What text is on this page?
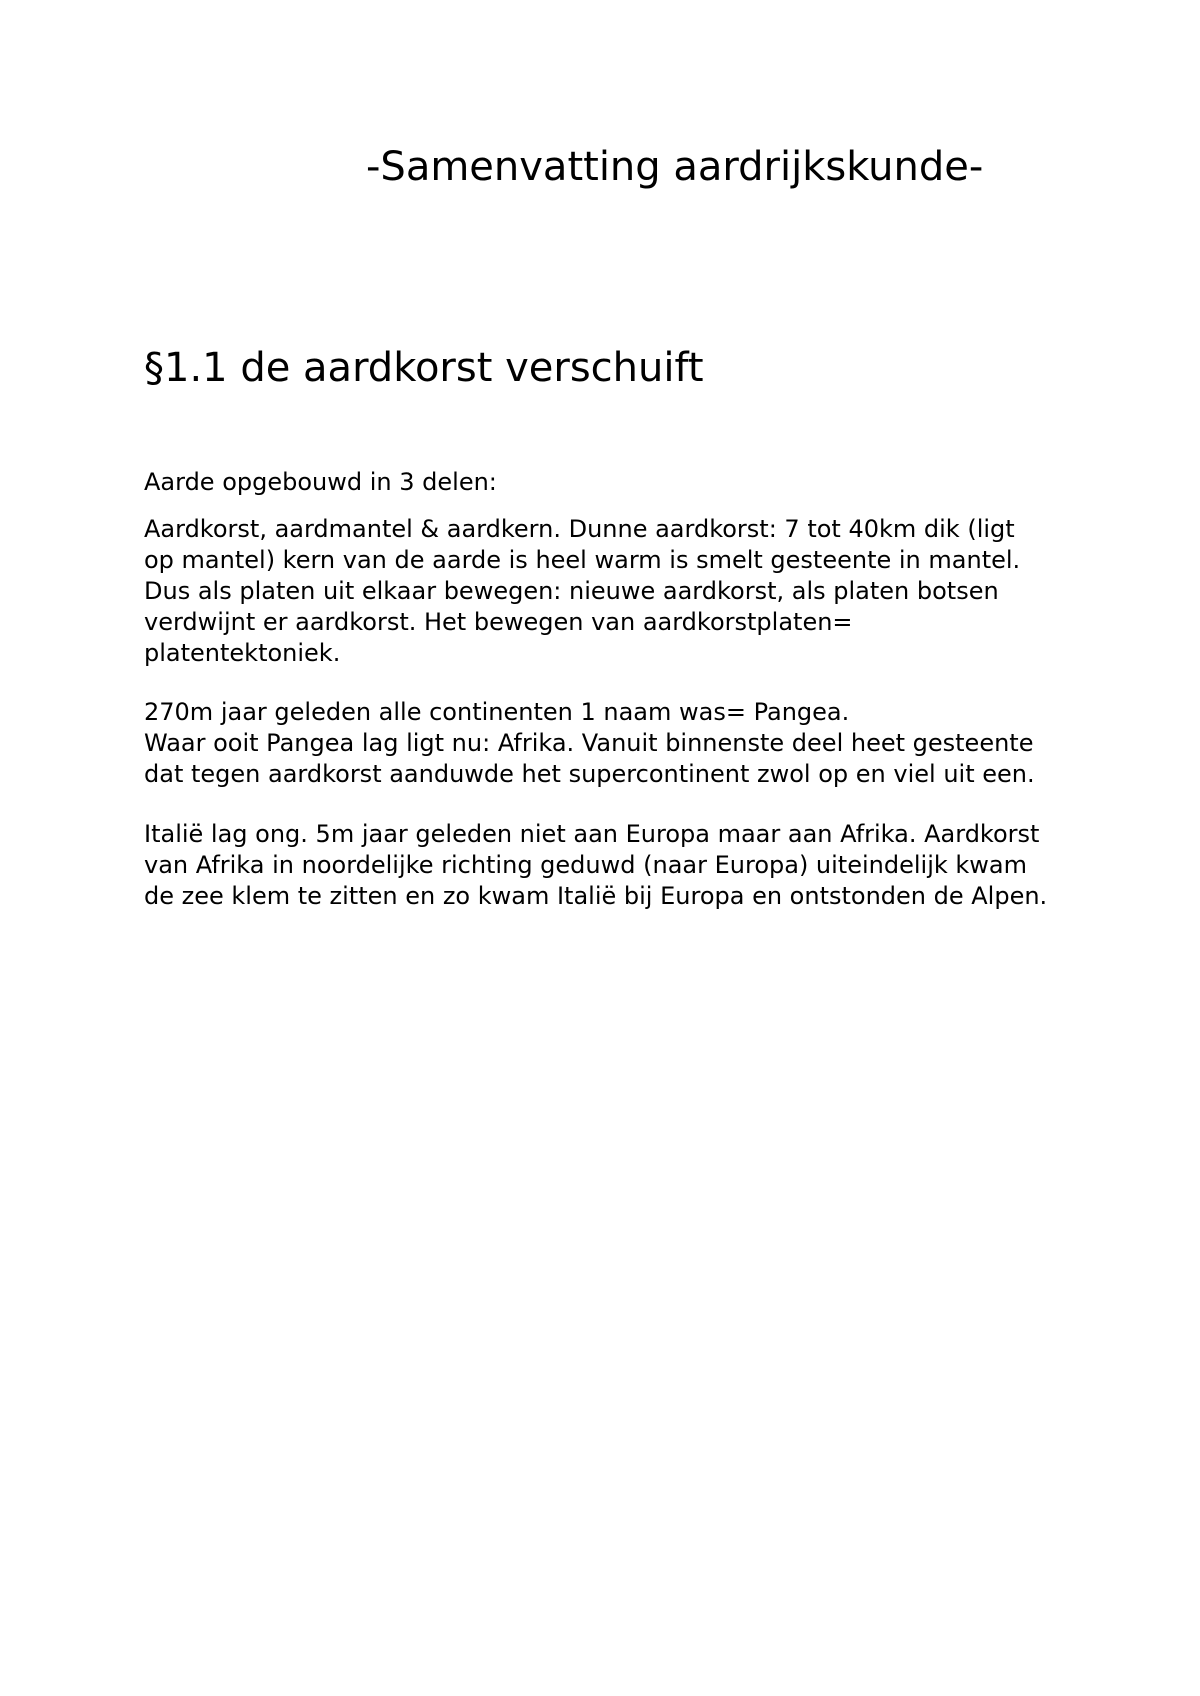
-Samenvatting aardrijkskunde-
§1.1 de aardkorst verschuift

Aarde opgebouwd in 3 delen:

Aardkorst, aardmantel & aardkern. Dunne aardkorst: 7 tot 40km dik (ligt
op mantel) kern van de aarde is heel warm is smelt gesteente in mantel.
Dus als platen uit elkaar bewegen: nieuwe aardkorst, als platen botsen
verdwijnt er aardkorst. Het bewegen van aardkorstplaten=
platentektoniek.

270m jaar geleden alle continenten 1 naam was= Pangea.
Waar ooit Pangea lag ligt nu: Afrika. Vanuit binnenste deel heet gesteente
dat tegen aardkorst aanduwde het supercontinent zwol op en viel uit een.

Italië lag ong. 5m jaar geleden niet aan Europa maar aan Afrika. Aardkorst
van Afrika in noordelijke richting geduwd (naar Europa) uiteindelijk kwam
de zee klem te zitten en zo kwam Italië bij Europa en ontstonden de Alpen.
